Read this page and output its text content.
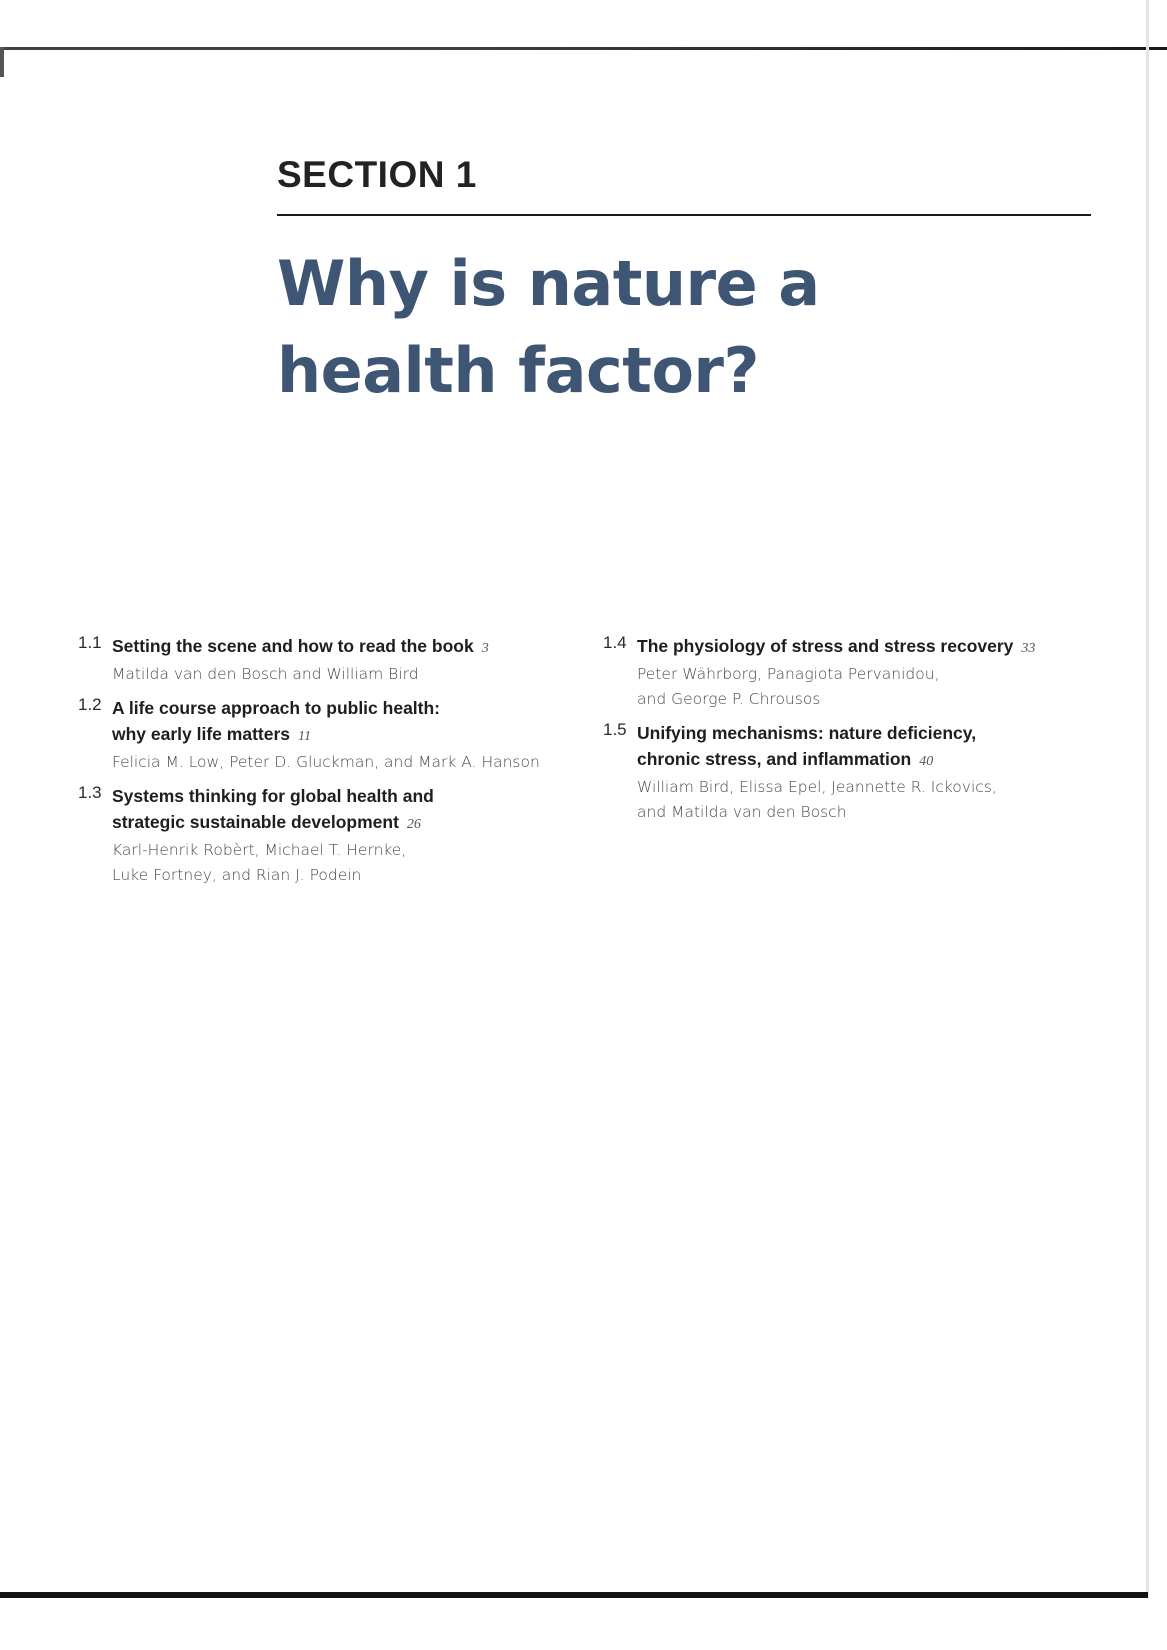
SECTION 1
Why is nature a health factor?
1.1 Setting the scene and how to read the book 3
Matilda van den Bosch and William Bird
1.2 A life course approach to public health:
why early life matters 11
Felicia M. Low, Peter D. Gluckman, and Mark A. Hanson
1.3 Systems thinking for global health and
strategic sustainable development 26
Karl-Henrik Robèrt, Michael T. Hernke,
Luke Fortney, and Rian J. Podein
1.4 The physiology of stress and stress recovery 33
Peter Währborg, Panagiota Pervanidou,
and George P. Chrousos
1.5 Unifying mechanisms: nature deficiency,
chronic stress, and inflammation 40
William Bird, Elissa Epel, Jeannette R. Ickovics,
and Matilda van den Bosch
